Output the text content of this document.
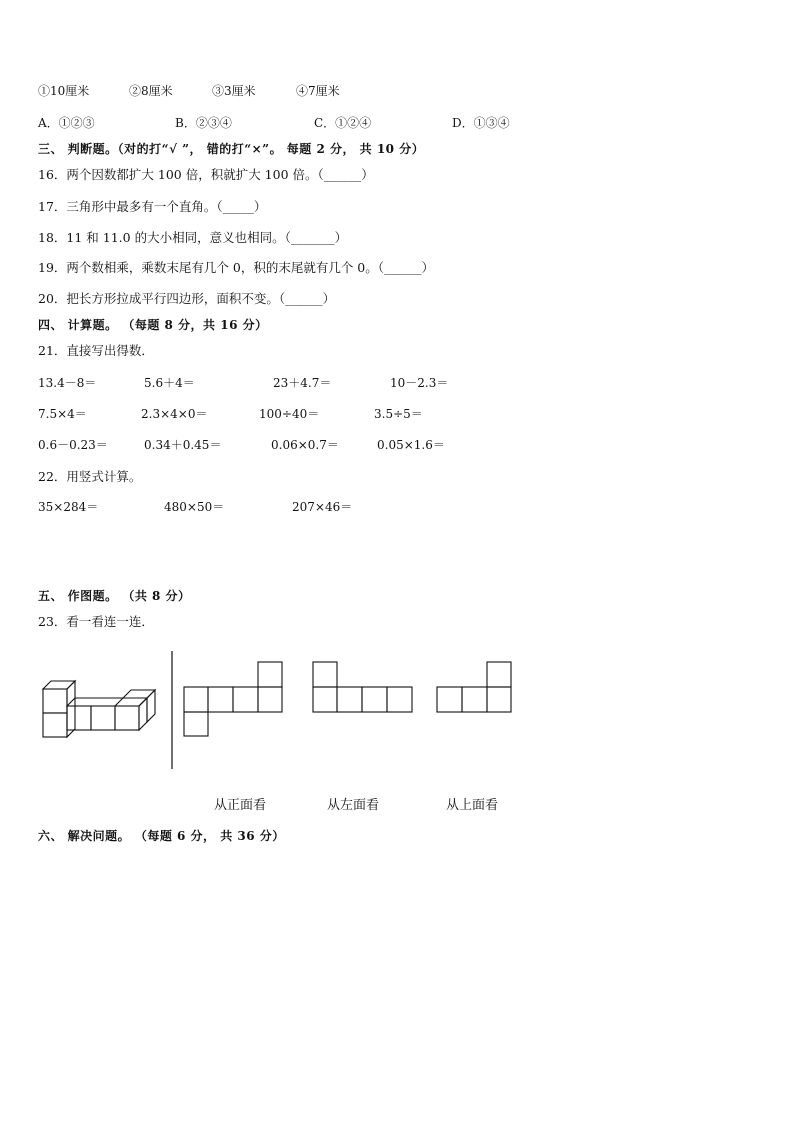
①10厘米	②8厘米	③3厘米	④7厘米
A．①②③	B．②③④	C．①②④	D．①③④
三、 判断题。（对的打“√ ”， 错的打“×”。 每题 2 分， 共 10 分）
16．两个因数都扩大 100 倍，积就扩大 100 倍。（______）
17．三角形中最多有一个直角。（_____）
18．11 和 11.0 的大小相同，意义也相同。（_______）
19．两个数相乘，乘数末尾有几个 0，积的末尾就有几个 0。（______）
20．把长方形拉成平行四边形，面积不变。（______）
四、 计算题。 （每题 8 分，共 16 分）
21．直接写出得数．
13.4－8＝	5.6＋4＝	23＋4.7＝	10－2.3＝
7.5×4＝	2.3×4×0＝	100÷40＝	3.5÷5＝
0.6－0.23＝	0.34＋0.45＝	0.06×0.7＝	0.05×1.6＝
22．用竖式计算。
35×284＝	480×50＝	207×46＝
五、 作图题。 （共 8 分）
23．看一看连一连．
从正面看	从左面看	从上面看
六、 解决问题。 （每题 6 分， 共 36 分）
